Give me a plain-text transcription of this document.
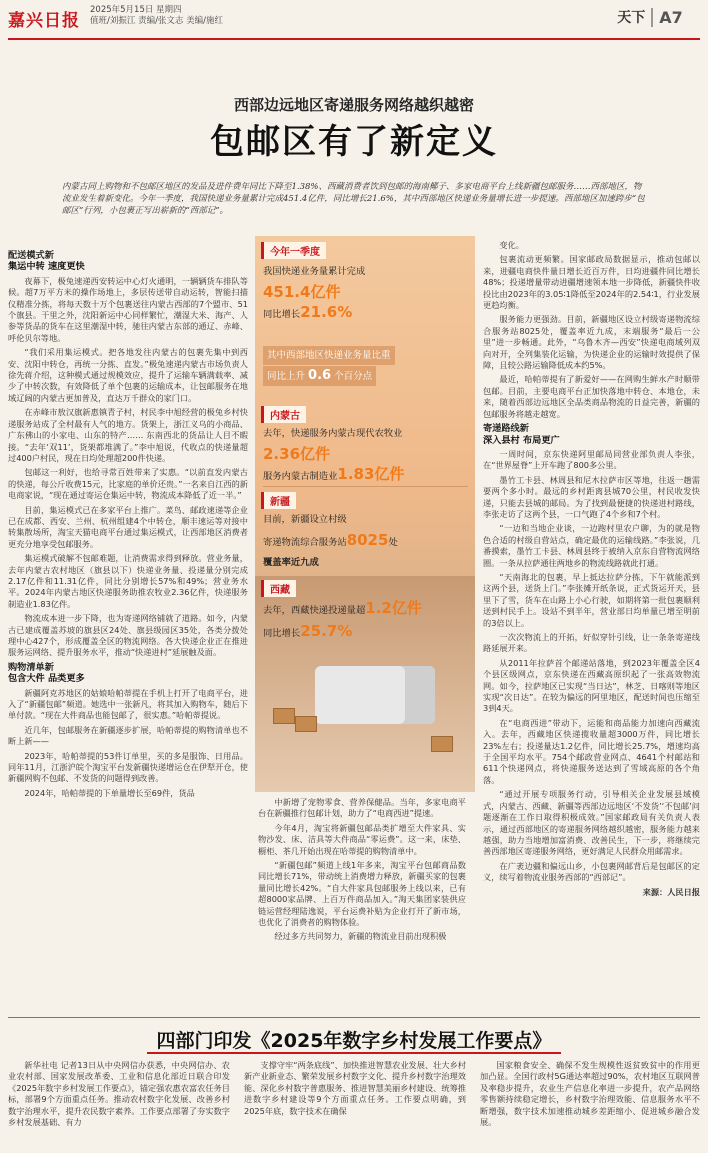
嘉兴日报
2025年5月15日 星期四
值班/刘振江 责编/张文志 美编/施红	天下 A7
西部边远地区寄递服务网络越织越密
包邮区有了新定义
内蒙古同上购物和不包邮区地区的发品及进件费年同比下降至1.38%、西藏消费者饮到包邮的海南椰子、多家电商平台上线新疆包邮服务……西部地区，物流业发生着新变化。今年一季度，我国快递业务量累计完成451.4亿件，同比增长21.6%，其中西部地区快递业务量增长进一步提速。西部地区加速跨步“包邮区”行列，小包裹正写出崭新的“西部记”。
配送模式新
集运中转 速度更快

夜幕下，极兔速递西安转运中心灯火通明，一辆辆货车排队等候。超7万平方米的操作场地上，多层传送带自动运转，智能扫描仪精准分拣，将每天数十万个包裹送往内蒙古西部的7个盟市、51个旗县。干里之外，沈阳新运中心同样繁忙，潮湿大米、海产、人参等货品的货车在这里潮湿中转，驰往内蒙古东部的通辽、赤峰、呼伦贝尔等地。

“我们采用集运模式。把各地发往内蒙古的包裹先集中到西安、沈阳中转仓，再统一分拣、直发。”极兔速递内蒙古市场负责人徐先蒋介绍，这种模式通过规模效应，提升了运输车辆满载率、减少了中转次数，有效降低了单个包裹的运输成本，让包邮服务在地域辽阔的内蒙古更加普及，直达万千群众的家门口。

在赤峰市敖汉旗新惠镇青子村，村民李中旭经营的极兔乡村快递服务站成了全村最有人气的地方。货架上，浙江义乌的小商品、广东佛山的小家电、山东的特产…… 东南西北的货品让人目不暇接。“去年‘双11’，货架都堆满了。”李中旭说，代收点的快递量超过400户村民，现在日均处理超200件快递。

包邮这一利好，也给寻常百姓带来了实惠。“以前直发内蒙古的快递，每公斤收费15元，比家庭的单价还贵。”一名来自江西的新电商家说，“现在通过寄运仓集运中转，物流成本降低了近一半。”

目前，集运模式已在多家平台上推广。菜鸟、邮政速递等企业已在成都、西安、兰州、杭州组建4个中转仓，顺丰速运等对接中转集散场所，淘宝天猫电商平台通过集运模式，让西部地区消费者更充分地享受包邮服务。

集运模式破解不包邮难题，让消费需求得到释放。营业务量，去年内蒙古农村地区（旗县以下）快递业务量、投递量分别完成2.17亿件和11.31亿件，同比分别增长57%和49%；营业务水平。2024年内蒙古地区快递服务助推农牧业2.36亿件，快递服务制造业1.83亿件。

物流成本进一步下降，也为寄递网络铺就了道路。如今，内蒙古已建成覆盖苏坡的旗县区24处、旗县级园区35处，各类分拨处理中心427个，形成覆盖全区的物流网络。各大快递企业正在推进服务运网络、提升服务水平，推动“快递进村”延展触及面。

购物清单新
包含大件 品类更多

新疆阿克苏地区的姑娘哈帕蒂提在手机上打开了电商平台，进入了“新疆包邮”频道。她选中一张新凡，将其加入购物车，随后下单付款。“现在大件商品也能包邮了，很实惠。”哈帕蒂提说。

近几年，包邮服务在新疆逐步扩展，哈帕蒂提的购物清单也不断上新——

2023年，哈帕蒂提的53件订单里，买的多是服饰、日用品。同年11月，江浙沪皖个淘宝平台发新疆快递增运仓在伊犁开仓，使新疆网购不包邮、不发货的问题得到改善。

2024年，哈帕蒂提的下单量增长至69件，货品

今年一季度
我国快递业务量累计完成
451.4亿件
同比增长21.6%
其中西部地区快递业务量比重
同比上升 0.6 个百分点
内蒙古
去年，快递服务内蒙古现代农牧业
2.36亿件
服务内蒙古制造业1.83亿件
新疆
目前，新疆设立村级
寄递物流综合服务站8025处
覆盖率近九成
西藏
去年，西藏快递投递量超1.2亿件
同比增长25.7%

中新增了宠物零食、营养保健品。当年，多家电商平台在新疆推行包邮计划，助力了“电商西进”提速。

今年4月，淘宝将新疆包邮品类扩增至大件家具、实物沙发、床、洁具等大件商品“零运费”。这一来，床垫、橱柜、茶几开始出现在哈蒂提的购物清单中。

“新疆包邮”频道上线1年多来，淘宝平台包邮商品数同比增长71%，带动统上消费增力释放，新疆买家的包裹量同比增长42%。“自大件家具包邮服务上线以来，已有超8000家品牌、上百万件商品加入。”淘天集团家装供应链运营经理陆逸说，平台运费补贴为企业打开了新市场，也优化了消费者的购物体验。

经过多方共同努力，新疆的物流业目前出现积极

变化。

包裹流动更频繁。国家邮政局数据显示，推动包邮以来，进疆电商快件量日增长近百万件，日均进疆件同比增长48%；投递增量带动进疆增速领本地一步降低，新疆快件收投比由2023年的3.05∶1降低至2024年的2.54∶1，行业发展更趋均衡。

服务能力更强劲。目前，新疆地区设立村级寄递物流综合服务站8025处，覆盖率近九成，末端服务“最后一公里”进一步畅通。此外，“乌鲁木齐—西安”快递电商域列双向对开，全列集装化运输，为快递企业的运输时效提供了保障，且较公路运输降低成本约5%。

最近，哈帕蒂提有了新爱好——在网购生鲜水产时顺带包邮。目前，主要电商平台正加快落地中转仓、本地仓，未来，随着西部边远地区全品类商品物流的日益完善，新疆的包邮服务将越走越宽。

寄递路线新
深入县村 布局更广

一周时间，京东快递阿里邮局同营业部负责人李张，在“世界屋脊”上开车跑了800多公里。

墨竹工卡县、林周县和尼木拉萨市区等地，往返一趟需要两个多小时。最远的乡村距离县城70公里，村民收发快递，只能去县城的邮局。为了找到最便捷的快递进村路线，李张走访了这两个县，一口气跑了4个乡和7个村。

“一边和当地企业谈，一边跑村里农户聊，为的就是物色合适的村级自营站点，确定最优的运输线路。”李张说，几番摸索，墨竹工卡县、林周县终于被纳入京东自营物流网络圈。一条从拉萨通往两地乡的物流线路就此打通。

“天南海北的包裹，早上抵达拉萨分拣，下午就能派到这两个县，送货上门。”李张摊开纸条说，正式货运开天，县里下了雪，货车在山路上小心行驶，如期将第一批包裹顺利送到村民手上。设站不到半年，营业部日均单量已增至明前的3倍以上。

一次次物流上的开拓，好似穿针引线，让一条条寄递线路延展开来。

从2011年拉萨首个邮递站落地，到2023年覆盖全区4个县区级网点，京东快递在西藏高原织起了一张高效物流网。如今，拉萨地区已实现“当日达”，林芝、日喀则等地区实现“次日达”。在较为偏远的阿里地区，配送时间也压缩至3到4天。

在“电商西进”带动下，运能和商品能力加速向西藏流入。去年，西藏地区快递揽收量超3000万件，同比增长23%左右；投递量达1.2亿件，同比增长25.7%，增速均高于全国平均水平。754个邮政营业网点、4641个村邮站和611个快递网点，将快递服务送达到了雪域高原的各个角落。

“通过开展专项服务行动，引导相关企业发展县域模式，内蒙古、西藏、新疆等西部边远地区‘不发货’‘不包邮’问题逐渐在工作日取得积极成效。”国家邮政局有关负责人表示，通过西部地区的寄递服务网络越织越密，服务能力越来越强，助力当地增加富消费、改善民生，下一步，将继续完善西部地区寄递服务网络，更好满足人民群众用邮需求。

在广袤边疆和偏远山乡，小包裹网邮背后是包邮区的定义，续写着物流业服务西部的“西部记”。

来源：人民日报
四部门印发《2025年数字乡村发展工作要点》

新华社电 记者13日从中央网信办获悉，中央网信办、农业农村部、国家发展改革委、工业和信息化部近日联合印发《2025年数字乡村发展工作要点》，锚定强农惠农富农任务目标，部署9个方面重点任务。推动农村数字化发展、改善乡村数字治理水平，提升农民数字素养。工作要点部署了夯实数字乡村发展基础、有力

支撑守牢“两条底线”、加快推进智慧农业发展、壮大乡村新产业新业态、繁荣发展乡村数字文化、提升乡村数字治理效能、深化乡村数字普惠服务、推进智慧美丽乡村建设、统筹推进数字乡村建设等9个方面重点任务。工作要点明确，到2025年底，数字技术在确保

国家粮食安全、确保不发生规模性返贫致贫中的作用更加凸显。全国行政村5G通达率超过90%，农村地区互联网普及率稳步提升，农业生产信息化率进一步提升，农产品网络零售额持续稳定增长，乡村数字治理效能、信息服务水平不断增强，数字技术加速推动城乡差距缩小、促进城乡融合发展。
